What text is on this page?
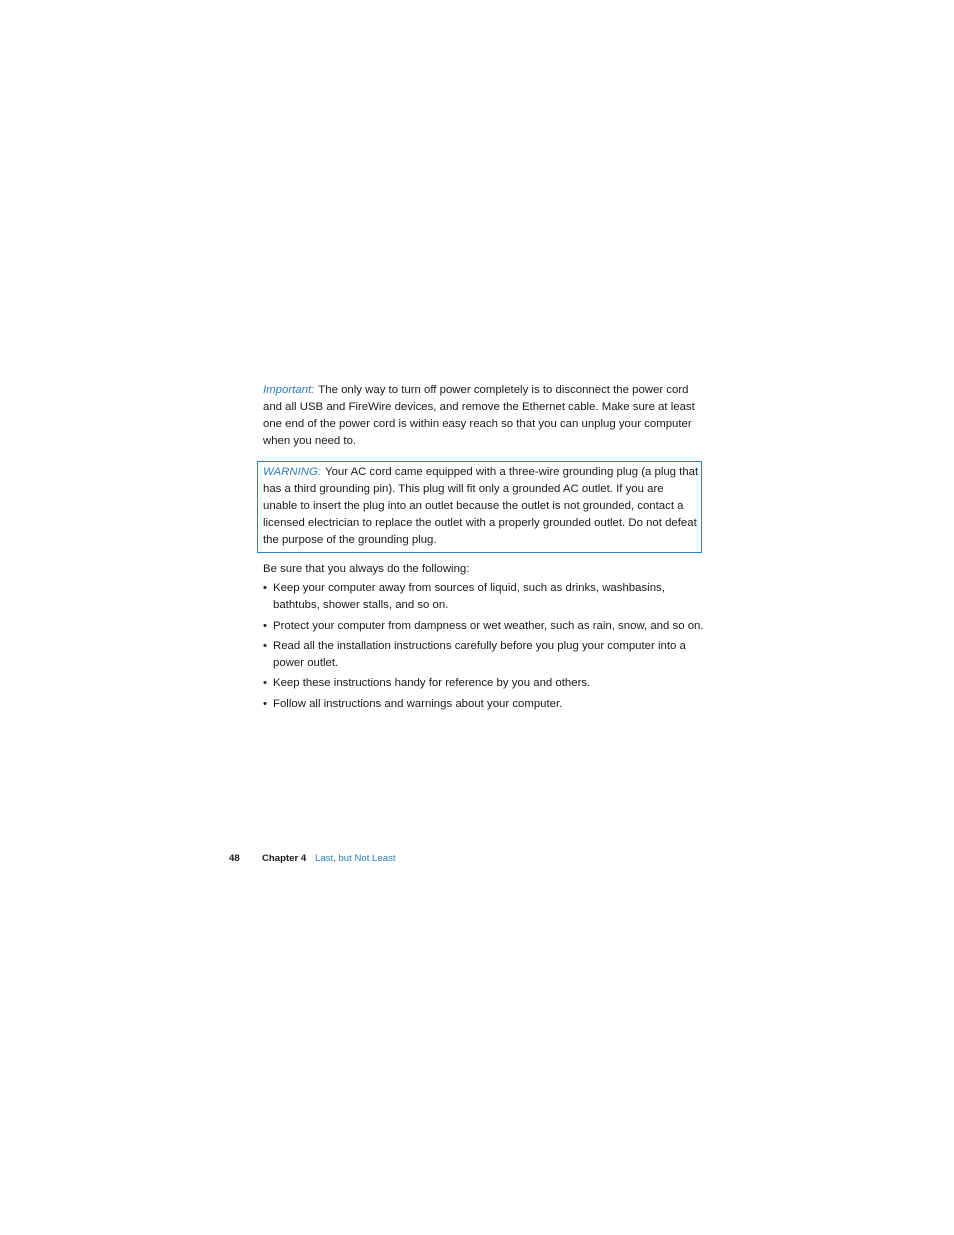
Important: The only way to turn off power completely is to disconnect the power cord and all USB and FireWire devices, and remove the Ethernet cable. Make sure at least one end of the power cord is within easy reach so that you can unplug your computer when you need to.

WARNING: Your AC cord came equipped with a three-wire grounding plug (a plug that has a third grounding pin). This plug will fit only a grounded AC outlet. If you are unable to insert the plug into an outlet because the outlet is not grounded, contact a licensed electrician to replace the outlet with a properly grounded outlet. Do not defeat the purpose of the grounding plug.

Be sure that you always do the following:

• Keep your computer away from sources of liquid, such as drinks, washbasins, bathtubs, shower stalls, and so on.
• Protect your computer from dampness or wet weather, such as rain, snow, and so on.
• Read all the installation instructions carefully before you plug your computer into a power outlet.
• Keep these instructions handy for reference by you and others.
• Follow all instructions and warnings about your computer.
48 Chapter 4 Last, but Not Least
